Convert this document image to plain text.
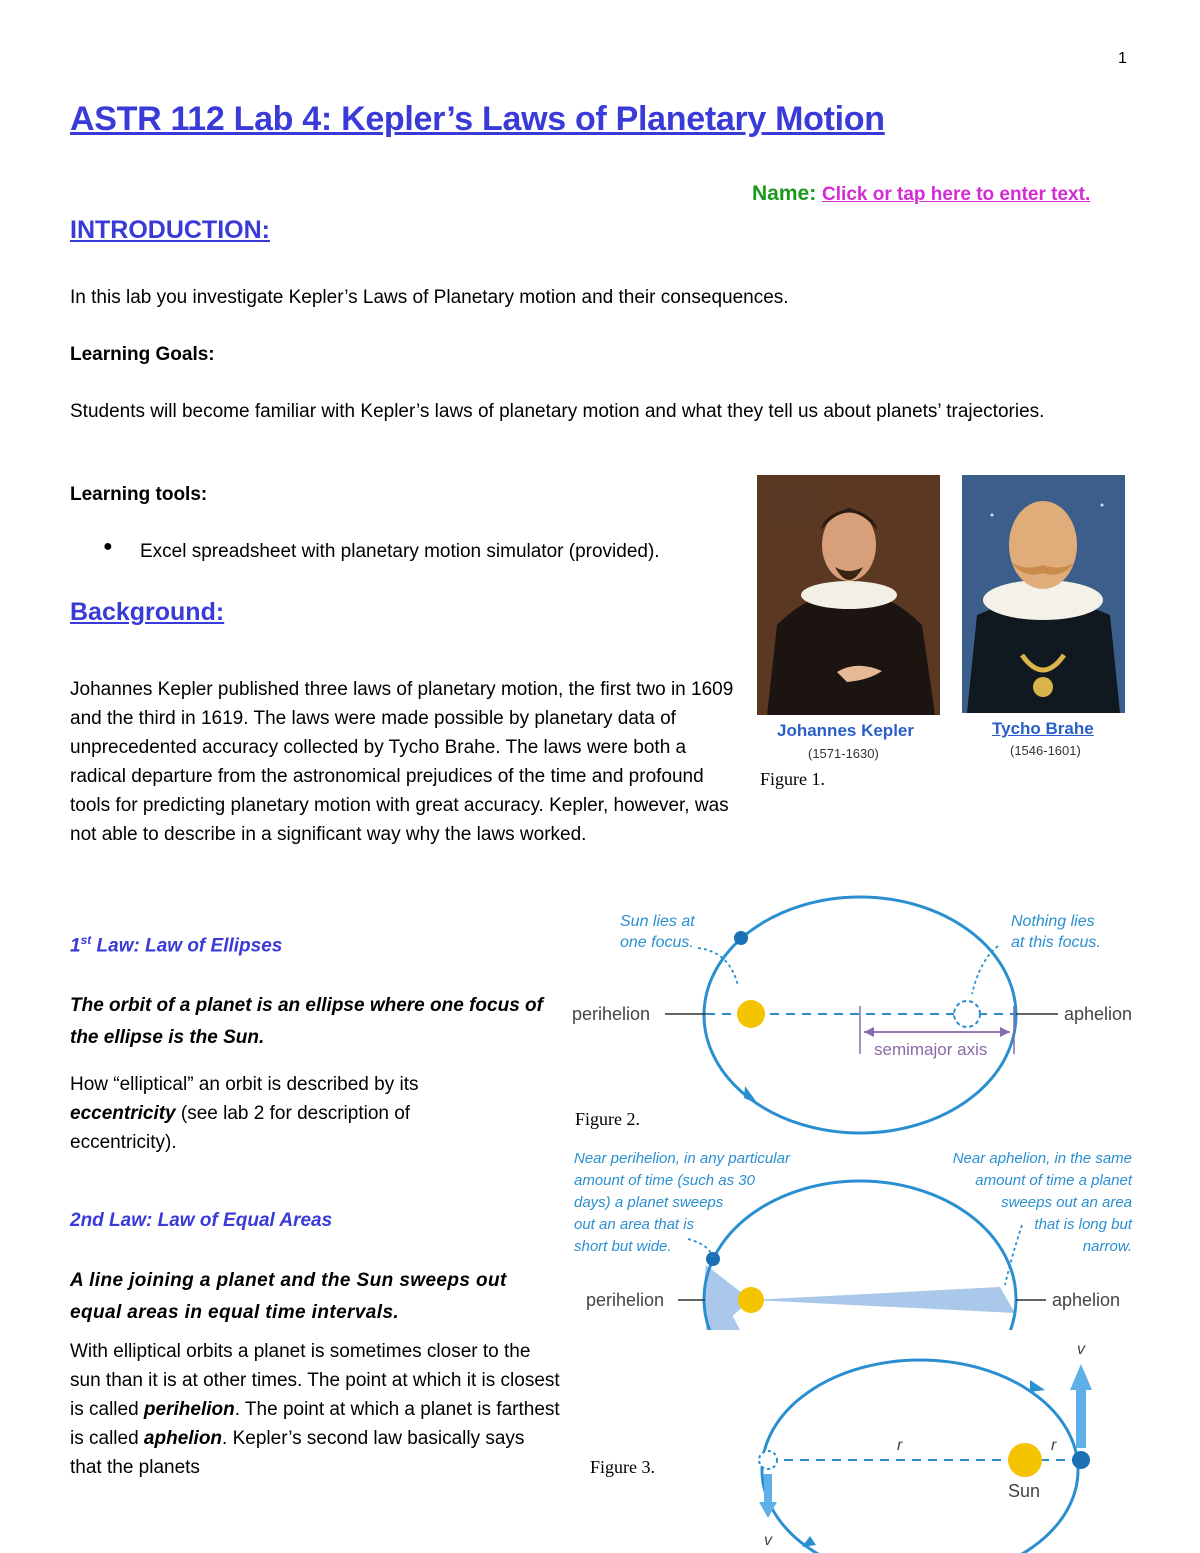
1
ASTR 112 Lab 4: Kepler’s Laws of Planetary Motion
Name: Click or tap here to enter text.
INTRODUCTION:
In this lab you investigate Kepler’s Laws of Planetary motion and their consequences.
Learning Goals:
Students will become familiar with Kepler’s laws of planetary motion and what they tell us about planets’ trajectories.
Learning tools:
● Excel spreadsheet with planetary motion simulator (provided).
Background:
Johannes Kepler
(1571-1630)
Tycho Brahe
(1546-1601)
Figure 1.
Johannes Kepler published three laws of planetary motion, the first two in 1609 and the third in 1619. The laws were made possible by planetary data of unprecedented accuracy collected by Tycho Brahe. The laws were both a radical departure from the astronomical prejudices of the time and profound tools for predicting planetary motion with great accuracy. Kepler, however, was not able to describe in a significant way why the laws worked.
1st Law: Law of Ellipses
The orbit of a planet is an ellipse where one focus of the ellipse is the Sun.
How “elliptical” an orbit is described by its eccentricity (see lab 2 for description of eccentricity).
2nd Law: Law of Equal Areas
A line joining a planet and the Sun sweeps out equal areas in equal time intervals.
With elliptical orbits a planet is sometimes closer to the sun than it is at other times. The point at which it is closest is called perihelion. The point at which a planet is farthest is called aphelion. Kepler’s second law basically says that the planets
Sun lies at
one focus.
Nothing lies
at this focus.
perihelion	aphelion
semimajor axis
Figure 2.
Near perihelion, in any particular
amount of time (such as 30
days) a planet sweeps
out an area that is
short but wide.
Near aphelion, in the same
amount of time a planet
sweeps out an area
that is long but
narrow.
perihelion	aphelion
v
v
r	r
Sun
Figure 3.
